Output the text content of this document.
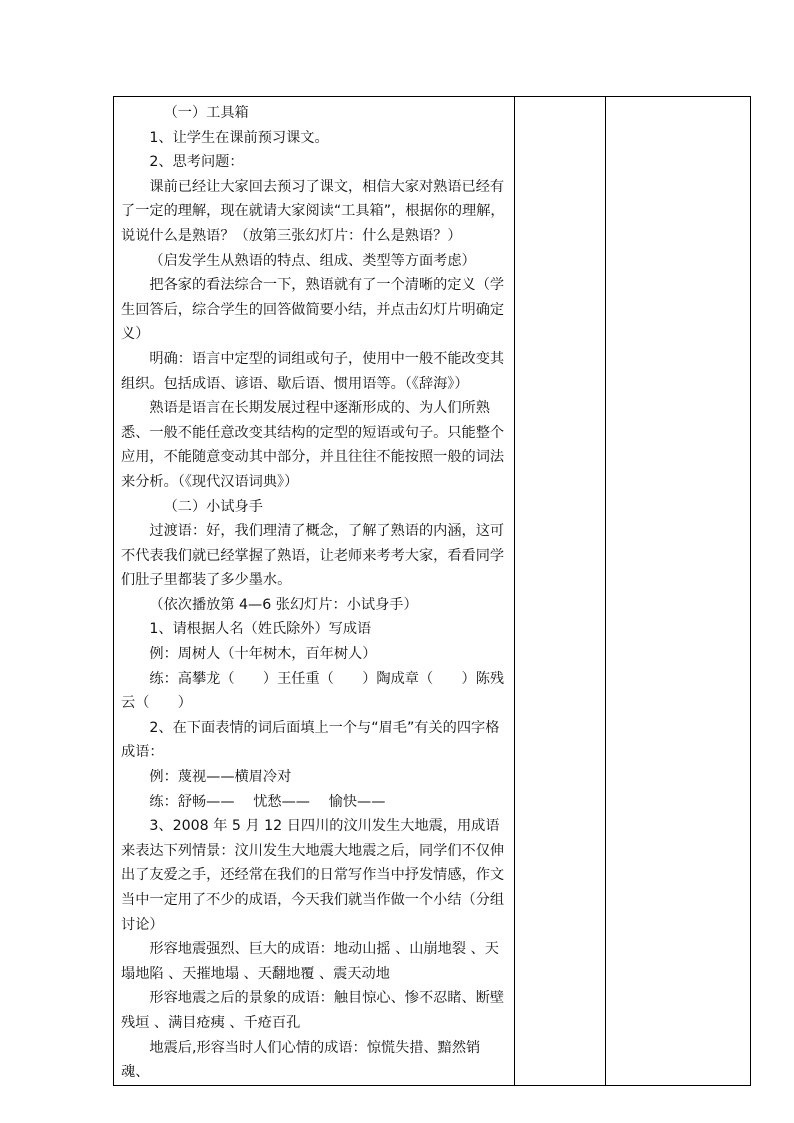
（一）工具箱

1、让学生在课前预习课文。

2、思考问题：

课前已经让大家回去预习了课文，相信大家对熟语已经有了一定的理解，现在就请大家阅读“工具箱”，根据你的理解，说说什么是熟语？（放第三张幻灯片：什么是熟语？）

（启发学生从熟语的特点、组成、类型等方面考虑）

把各家的看法综合一下，熟语就有了一个清晰的定义（学生回答后，综合学生的回答做简要小结，并点击幻灯片明确定义）

明确：语言中定型的词组或句子，使用中一般不能改变其组织。包括成语、谚语、歇后语、惯用语等。（《辞海》）

熟语是语言在长期发展过程中逐渐形成的、为人们所熟悉、一般不能任意改变其结构的定型的短语或句子。只能整个应用，不能随意变动其中部分，并且往往不能按照一般的词法来分析。（《现代汉语词典》）

（二）小试身手

过渡语：好，我们理清了概念，了解了熟语的内涵，这可不代表我们就已经掌握了熟语，让老师来考考大家，看看同学们肚子里都装了多少墨水。

（依次播放第 4—6 张幻灯片：小试身手）

1、请根据人名（姓氏除外）写成语

例：周树人（十年树木，百年树人）

练：高攀龙（　　）王任重（　　）陶成章（　　）陈残云（　　）

2、在下面表情的词后面填上一个与“眉毛”有关的四字格成语：

例：蔑视——横眉冷对

练：舒畅——　 忧愁——　 愉快——

3、2008 年 5 月 12 日四川的汶川发生大地震，用成语来表达下列情景：汶川发生大地震大地震之后，同学们不仅伸出了友爱之手，还经常在我们的日常写作当中抒发情感，作文当中一定用了不少的成语，今天我们就当作做一个小结（分组讨论）

形容地震强烈、巨大的成语：地动山摇 、山崩地裂 、天塌地陷 、天摧地塌 、天翻地覆 、震天动地

形容地震之后的景象的成语：触目惊心、惨不忍睹、断壁残垣 、满目疮痍 、千疮百孔

地震后,形容当时人们心情的成语：惊慌失措、黯然销魂、
